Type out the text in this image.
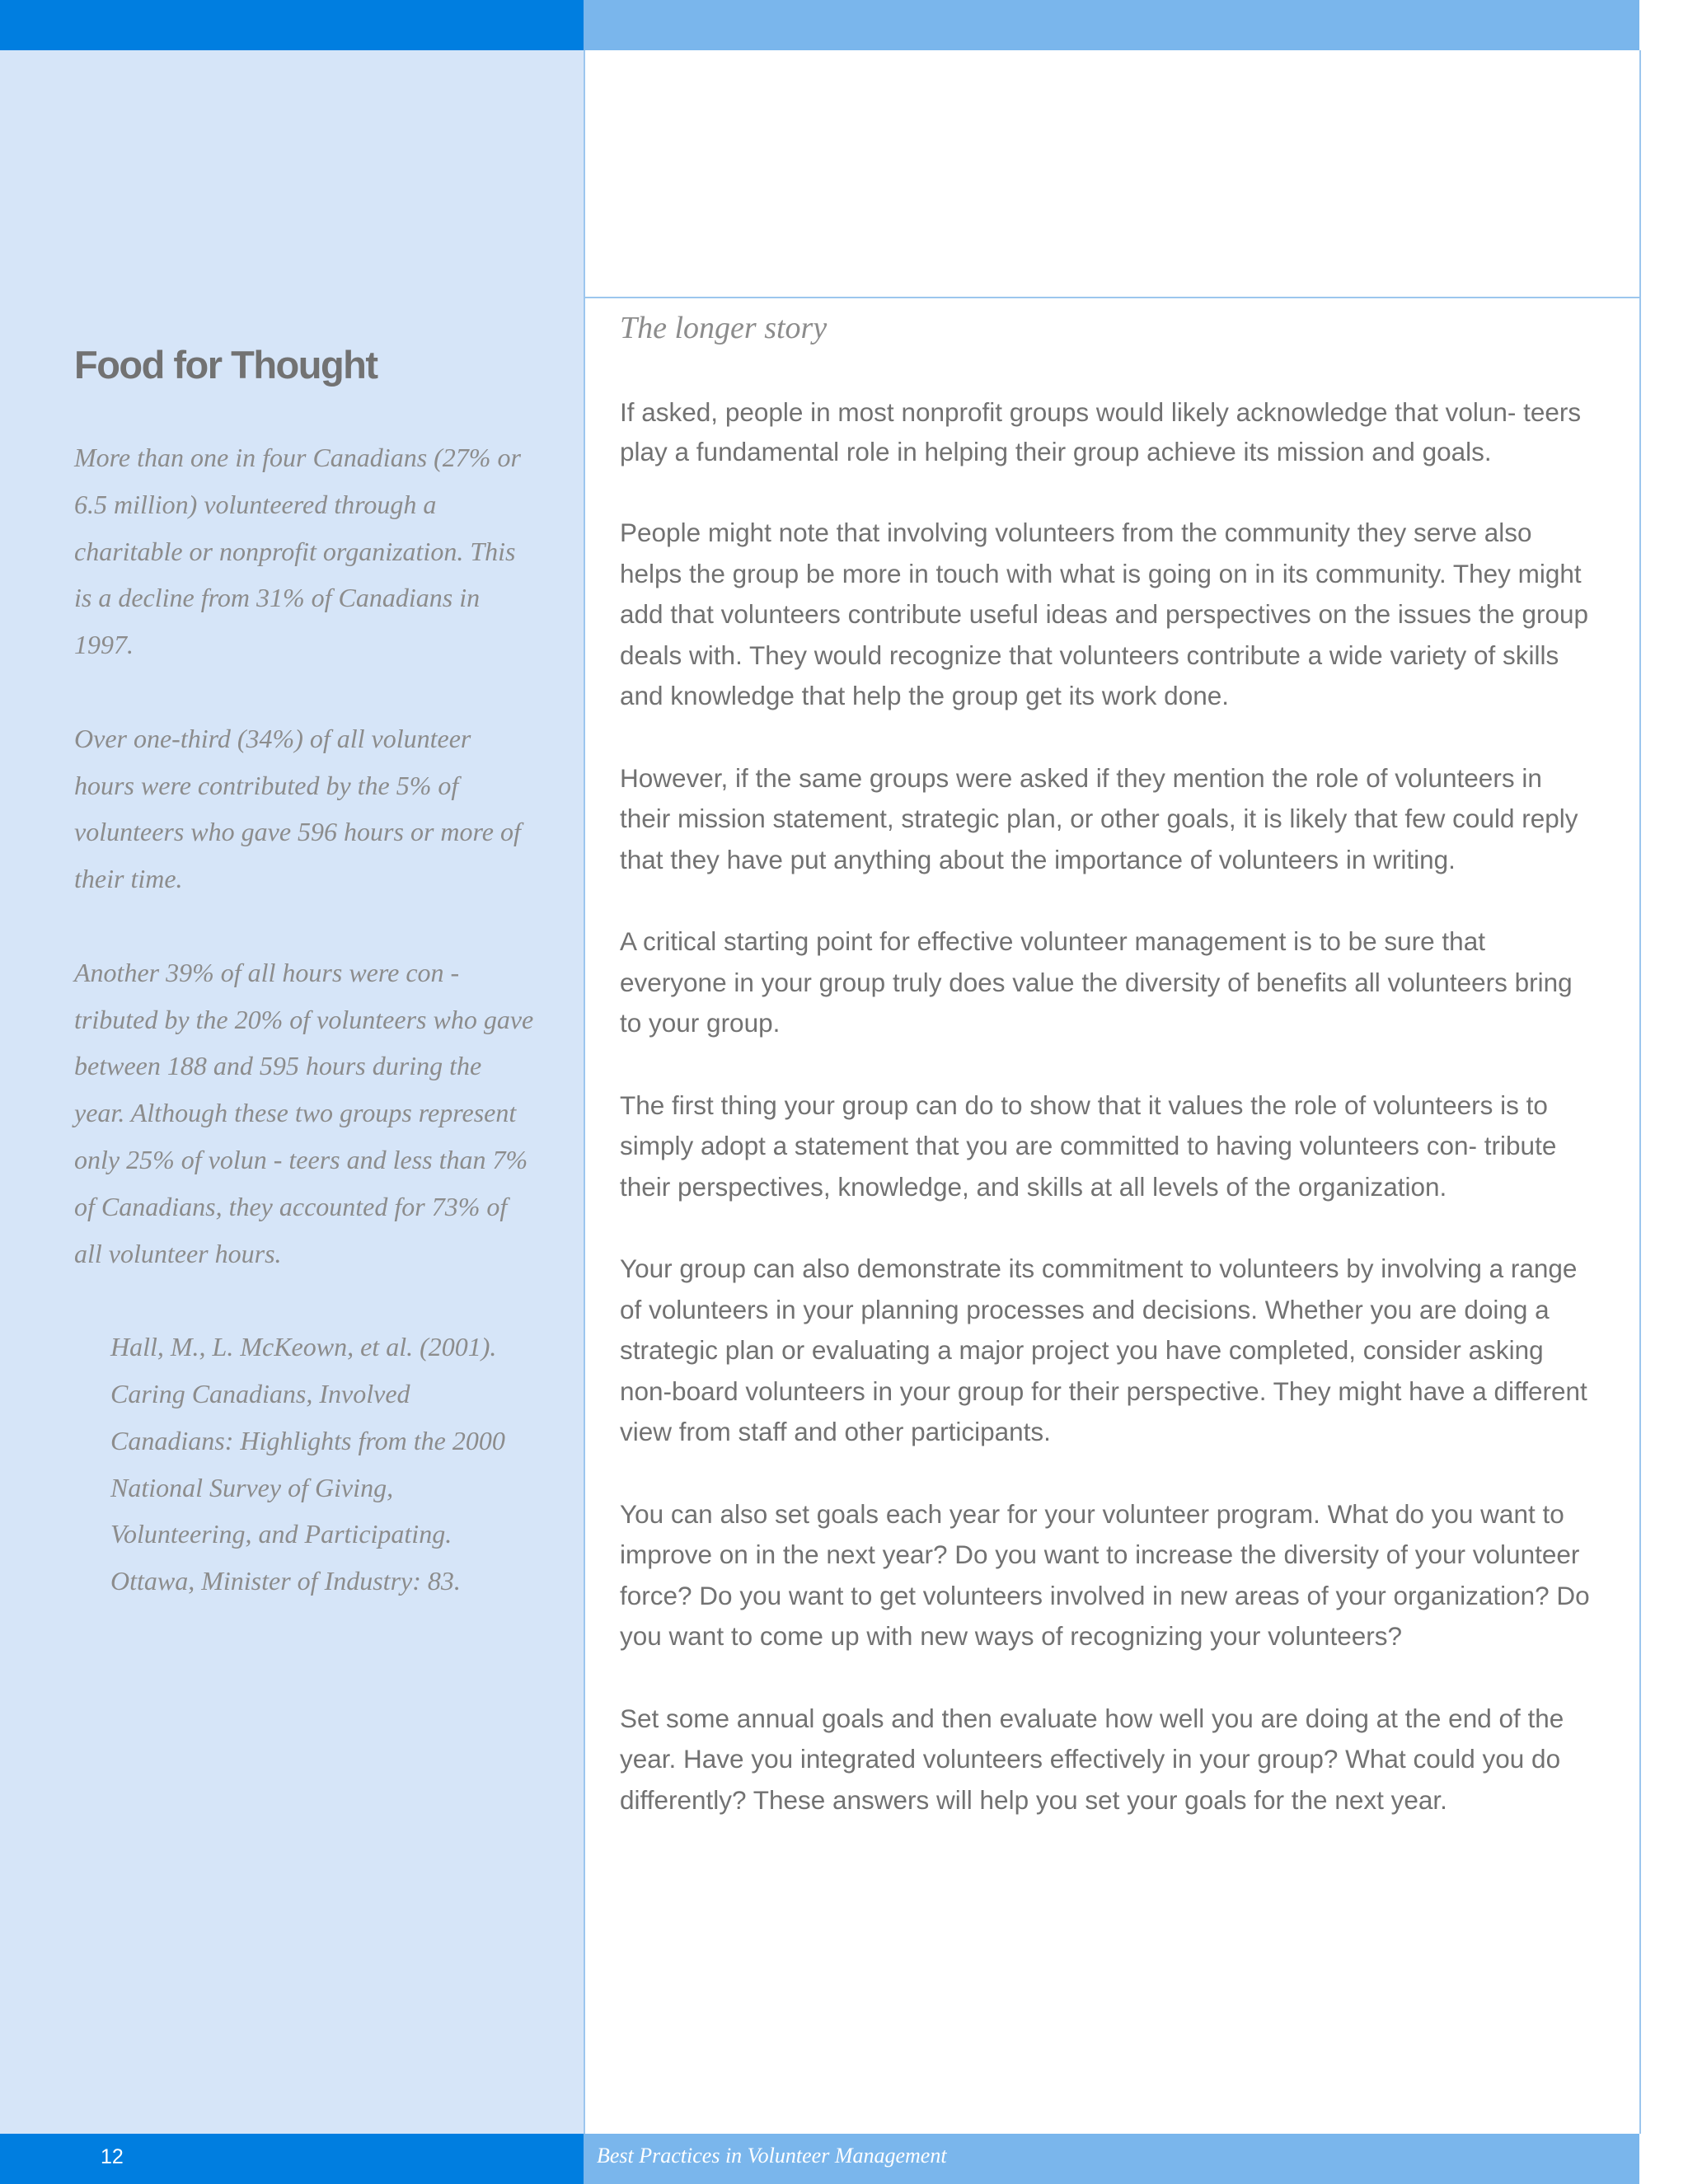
Food for Thought

More than one in four Canadians (27% or 6.5 million) volunteered through a charitable or nonprofit organization. This is a decline from 31% of Canadians in 1997.

Over one-third (34%) of all volunteer hours were contributed by the 5% of volunteers who gave 596 hours or more of their time.

Another 39% of all hours were con - tributed by the 20% of volunteers who gave between 188 and 595 hours during the year. Although these two groups represent only 25% of volun - teers and less than 7% of Canadians, they accounted for 73% of all volunteer hours.

Hall, M., L. McKeown, et al. (2001). Caring Canadians, Involved Canadians: Highlights from the 2000 National Survey of Giving, Volunteering, and Participating. Ottawa, Minister of Industry: 83.

The longer story

If asked, people in most nonprofit groups would likely acknowledge that volun- teers play a fundamental role in helping their group achieve its mission and goals.

People might note that involving volunteers from the community they serve also helps the group be more in touch with what is going on in its community. They might add that volunteers contribute useful ideas and perspectives on the issues the group deals with. They would recognize that volunteers contribute a wide variety of skills and knowledge that help the group get its work done.

However, if the same groups were asked if they mention the role of volunteers in their mission statement, strategic plan, or other goals, it is likely that few could reply that they have put anything about the importance of volunteers in writing.

A critical starting point for effective volunteer management is to be sure that everyone in your group truly does value the diversity of benefits all volunteers bring to your group.

The first thing your group can do to show that it values the role of volunteers is to simply adopt a statement that you are committed to having volunteers con- tribute their perspectives, knowledge, and skills at all levels of the organization.

Your group can also demonstrate its commitment to volunteers by involving a range of volunteers in your planning processes and decisions. Whether you are doing a strategic plan or evaluating a major project you have completed, consider asking non-board volunteers in your group for their perspective. They might have a different view from staff and other participants.

You can also set goals each year for your volunteer program. What do you want to improve on in the next year? Do you want to increase the diversity of your volunteer force? Do you want to get volunteers involved in new areas of your organization? Do you want to come up with new ways of recognizing your volunteers?

Set some annual goals and then evaluate how well you are doing at the end of the year. Have you integrated volunteers effectively in your group? What could you do differently? These answers will help you set your goals for the next year.

12	Best Practices in Volunteer Management
